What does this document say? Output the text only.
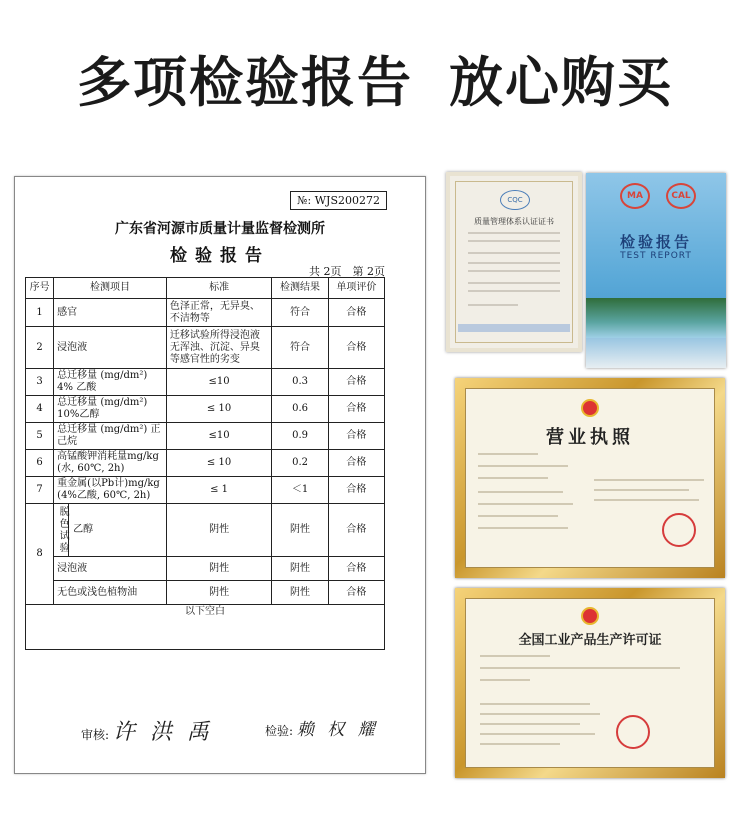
多项检验报告 放心购买
№: WJS200272
广东省河源市质量计量监督检测所
检验报告
共 2页　第 2页
序号	检测项目	标准	检测结果	单项评价
1	感官	色泽正常，无异臭、不洁物等	符合	合格
2	浸泡液	迁移试验所得浸泡液无浑浊、沉淀、异臭等感官性的劣变	符合	合格
3	总迁移量 (mg/dm²) 4% 乙酸	≤10	0.3	合格
4	总迁移量 (mg/dm²) 10%乙醇	≤ 10	0.6	合格
5	总迁移量 (mg/dm²) 正己烷	≤10	0.9	合格
6	高锰酸钾消耗量mg/kg (水, 60℃, 2h)	≤ 10	0.2	合格
7	重金属(以Pb计)mg/kg (4%乙酸, 60℃, 2h)	≤ 1	＜1	合格
8	脱色试验 乙醇	阴性	阴性	合格
	浸泡液	阴性	阴性	合格
	无色或浅色植物油	阴性	阴性	合格
以下空白				
审核: 许 洪 禹	检验: 赖 权 耀
CQC
质量管理体系认证证书
MA	CAL
检验报告
TEST REPORT
营业执照
全国工业产品生产许可证
